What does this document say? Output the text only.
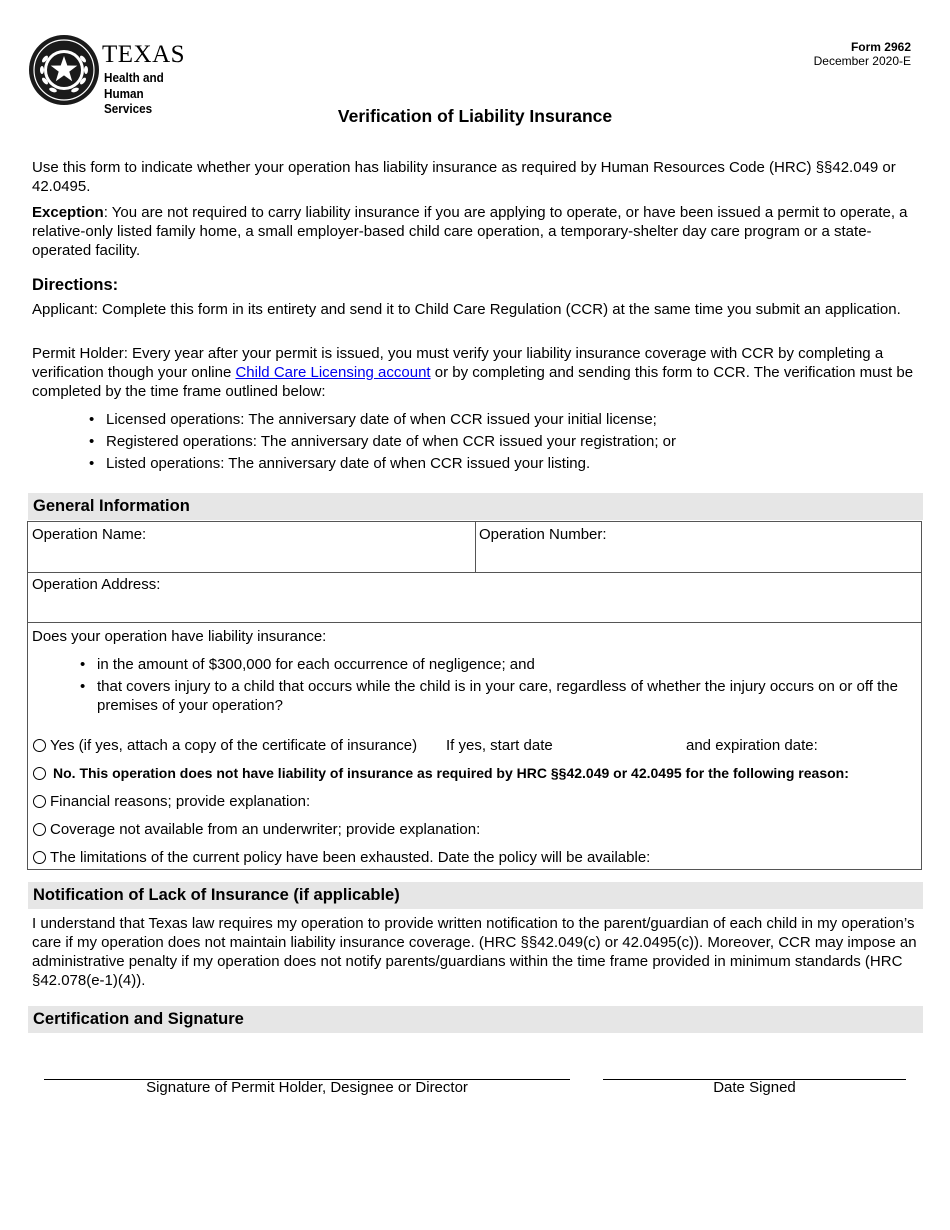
TEXAS
Health and Human
Services
Form 2962
December 2020-E
Verification of Liability Insurance

Use this form to indicate whether your operation has liability insurance as required by Human Resources Code (HRC) §§42.049 or 42.0495.

Exception: You are not required to carry liability insurance if you are applying to operate, or have been issued a permit to operate, a relative-only listed family home, a small employer-based child care operation, a temporary-shelter day care program or a state-operated facility.

Directions:

Applicant: Complete this form in its entirety and send it to Child Care Regulation (CCR) at the same time you submit an application.

Permit Holder: Every year after your permit is issued, you must verify your liability insurance coverage with CCR by completing a verification though your online Child Care Licensing account or by completing and sending this form to CCR. The verification must be completed by the time frame outlined below:

• Licensed operations: The anniversary date of when CCR issued your initial license;
• Registered operations: The anniversary date of when CCR issued your registration; or
• Listed operations: The anniversary date of when CCR issued your listing.
General Information
Operation Name:	Operation Number:
Operation Address:
Does your operation have liability insurance:
• in the amount of $300,000 for each occurrence of negligence; and
• that covers injury to a child that occurs while the child is in your care, regardless of whether the injury occurs on or off the premises of your operation?
Yes (if yes, attach a copy of the certificate of insurance) If yes, start date	and expiration date:
No. This operation does not have liability of insurance as required by HRC §§42.049 or 42.0495 for the following reason:
Financial reasons; provide explanation:
Coverage not available from an underwriter; provide explanation:
The limitations of the current policy have been exhausted. Date the policy will be available:
Notification of Lack of Insurance (if applicable)

I understand that Texas law requires my operation to provide written notification to the parent/guardian of each child in my operation’s care if my operation does not maintain liability insurance coverage. (HRC §§42.049(c) or 42.0495(c)). Moreover, CCR may impose an administrative penalty if my operation does not notify parents/guardians within the time frame provided in minimum standards (HRC §42.078(e-1)(4)).

Certification and Signature
Signature of Permit Holder, Designee or Director	Date Signed
